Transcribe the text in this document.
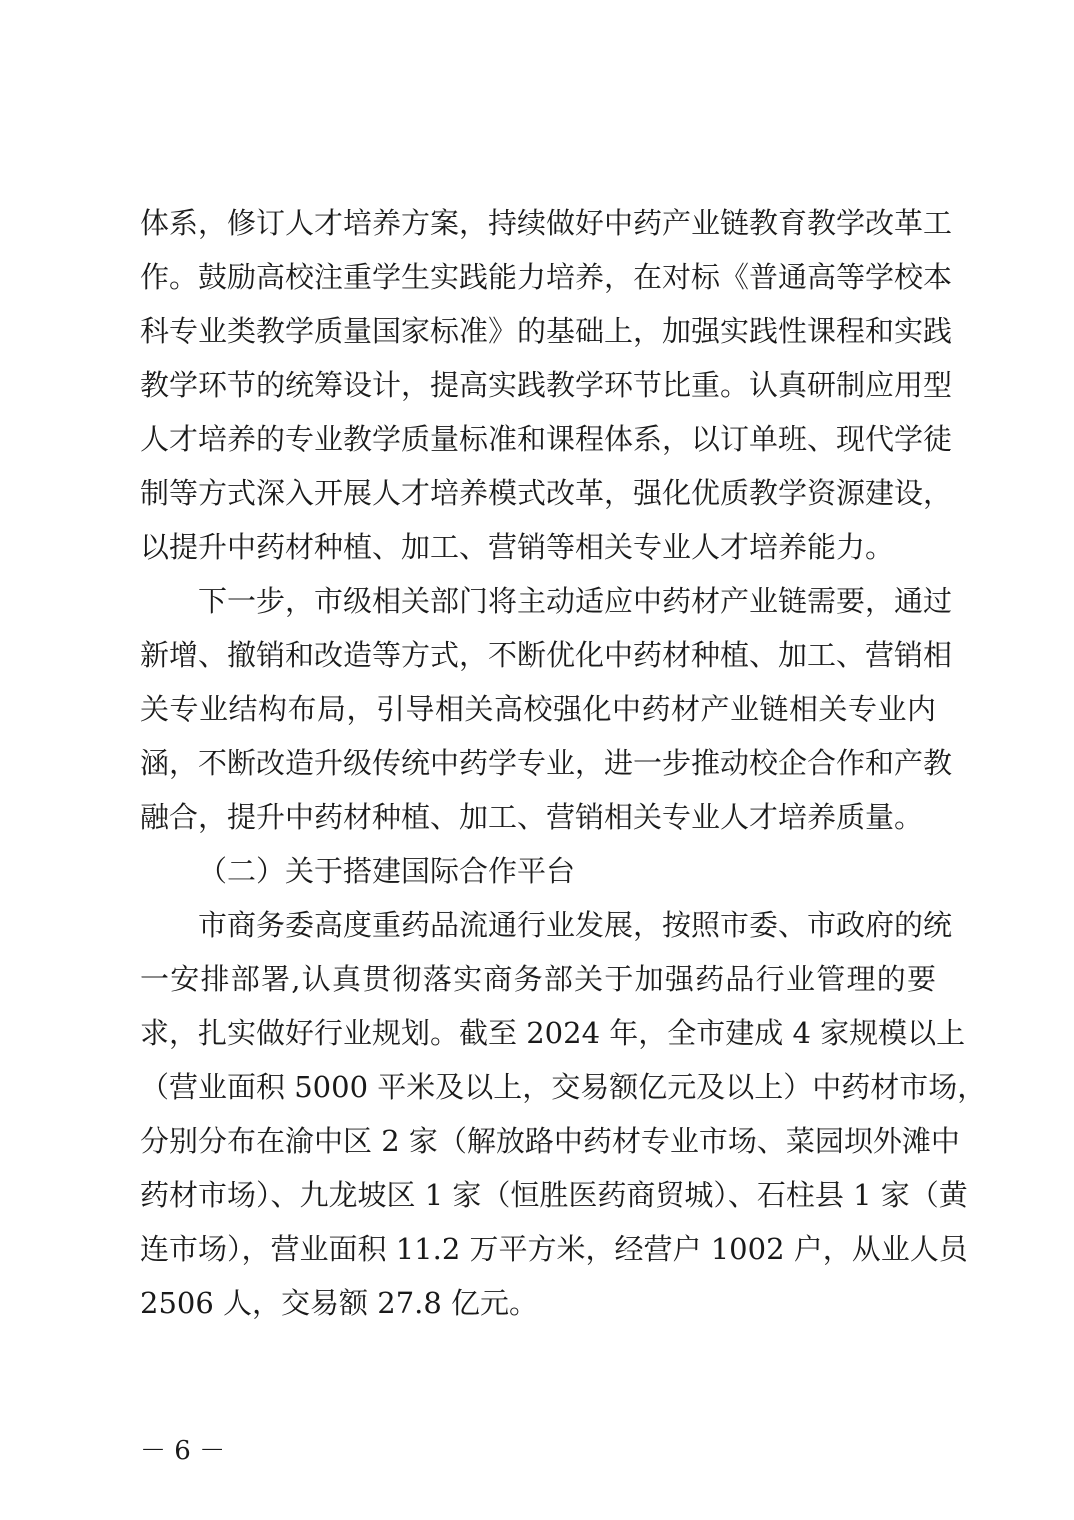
体系，修订人才培养方案，持续做好中药产业链教育教学改革工
作。鼓励高校注重学生实践能力培养，在对标《普通高等学校本
科专业类教学质量国家标准》的基础上，加强实践性课程和实践
教学环节的统筹设计，提高实践教学环节比重。认真研制应用型
人才培养的专业教学质量标准和课程体系，以订单班、现代学徒
制等方式深入开展人才培养模式改革，强化优质教学资源建设，
以提升中药材种植、加工、营销等相关专业人才培养能力。
下一步，市级相关部门将主动适应中药材产业链需要，通过
新增、撤销和改造等方式，不断优化中药材种植、加工、营销相
关专业结构布局，引导相关高校强化中药材产业链相关专业内
涵，不断改造升级传统中药学专业，进一步推动校企合作和产教
融合，提升中药材种植、加工、营销相关专业人才培养质量。
（二）关于搭建国际合作平台
市商务委高度重药品流通行业发展，按照市委、市政府的统
一安排部署,认真贯彻落实商务部关于加强药品行业管理的要
求，扎实做好行业规划。截至 2024 年，全市建成 4 家规模以上
（营业面积 5000 平米及以上，交易额亿元及以上）中药材市场，
分别分布在渝中区 2 家（解放路中药材专业市场、菜园坝外滩中
药材市场）、九龙坡区 1 家（恒胜医药商贸城）、石柱县 1 家（黄
连市场），营业面积 11.2 万平方米，经营户 1002 户，从业人员
2506 人，交易额 27.8 亿元。
－ 6 －
